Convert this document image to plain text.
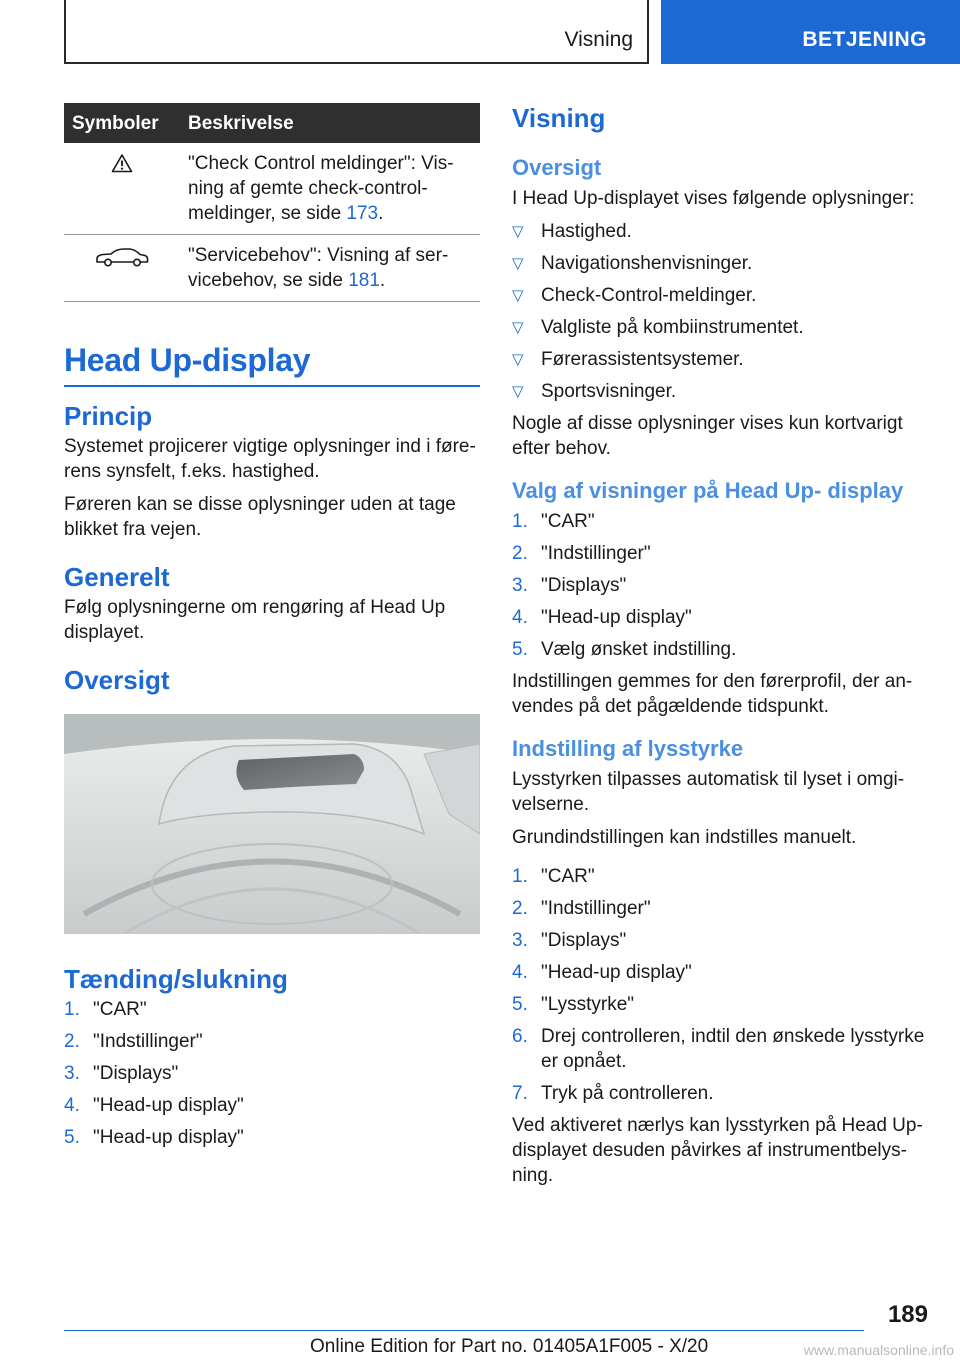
Visning	BETJENING
Symboler	Beskrivelse
	"Check Control meldinger": Vis- ning af gemte check-control- meldinger, se side 173.
	"Servicebehov": Visning af ser- vicebehov, se side 181.
Head Up-display
Princip

Systemet projicerer vigtige oplysninger ind i føre- rens synsfelt, f.eks. hastighed.

Føreren kan se disse oplysninger uden at tage blikket fra vejen.

Generelt

Følg oplysningerne om rengøring af Head Up displayet.

Oversigt
Tænding/slukning
1. "CAR"
2. "Indstillinger"
3. "Displays"
4. "Head-up display"
5. "Head-up display"
Visning
Oversigt

I Head Up-displayet vises følgende oplysninger:

▽ Hastighed.
▽ Navigationshenvisninger.
▽ Check-Control-meldinger.
▽ Valgliste på kombiinstrumentet.
▽ Førerassistentsystemer.
▽ Sportsvisninger.

Nogle af disse oplysninger vises kun kortvarigt efter behov.

Valg af visninger på Head Up- display
1. "CAR"
2. "Indstillinger"
3. "Displays"
4. "Head-up display"
5. Vælg ønsket indstilling.

Indstillingen gemmes for den førerprofil, der an- vendes på det pågældende tidspunkt.

Indstilling af lysstyrke

Lysstyrken tilpasses automatisk til lyset i omgi- velserne.

Grundindstillingen kan indstilles manuelt.

1. "CAR"
2. "Indstillinger"
3. "Displays"
4. "Head-up display"
5. "Lysstyrke"
6. Drej controlleren, indtil den ønskede lysstyrke er opnået.
7. Tryk på controlleren.

Ved aktiveret nærlys kan lysstyrken på Head Up- displayet desuden påvirkes af instrumentbelys- ning.

189
Online Edition for Part no. 01405A1F005 - X/20	www.manualsonline.info
